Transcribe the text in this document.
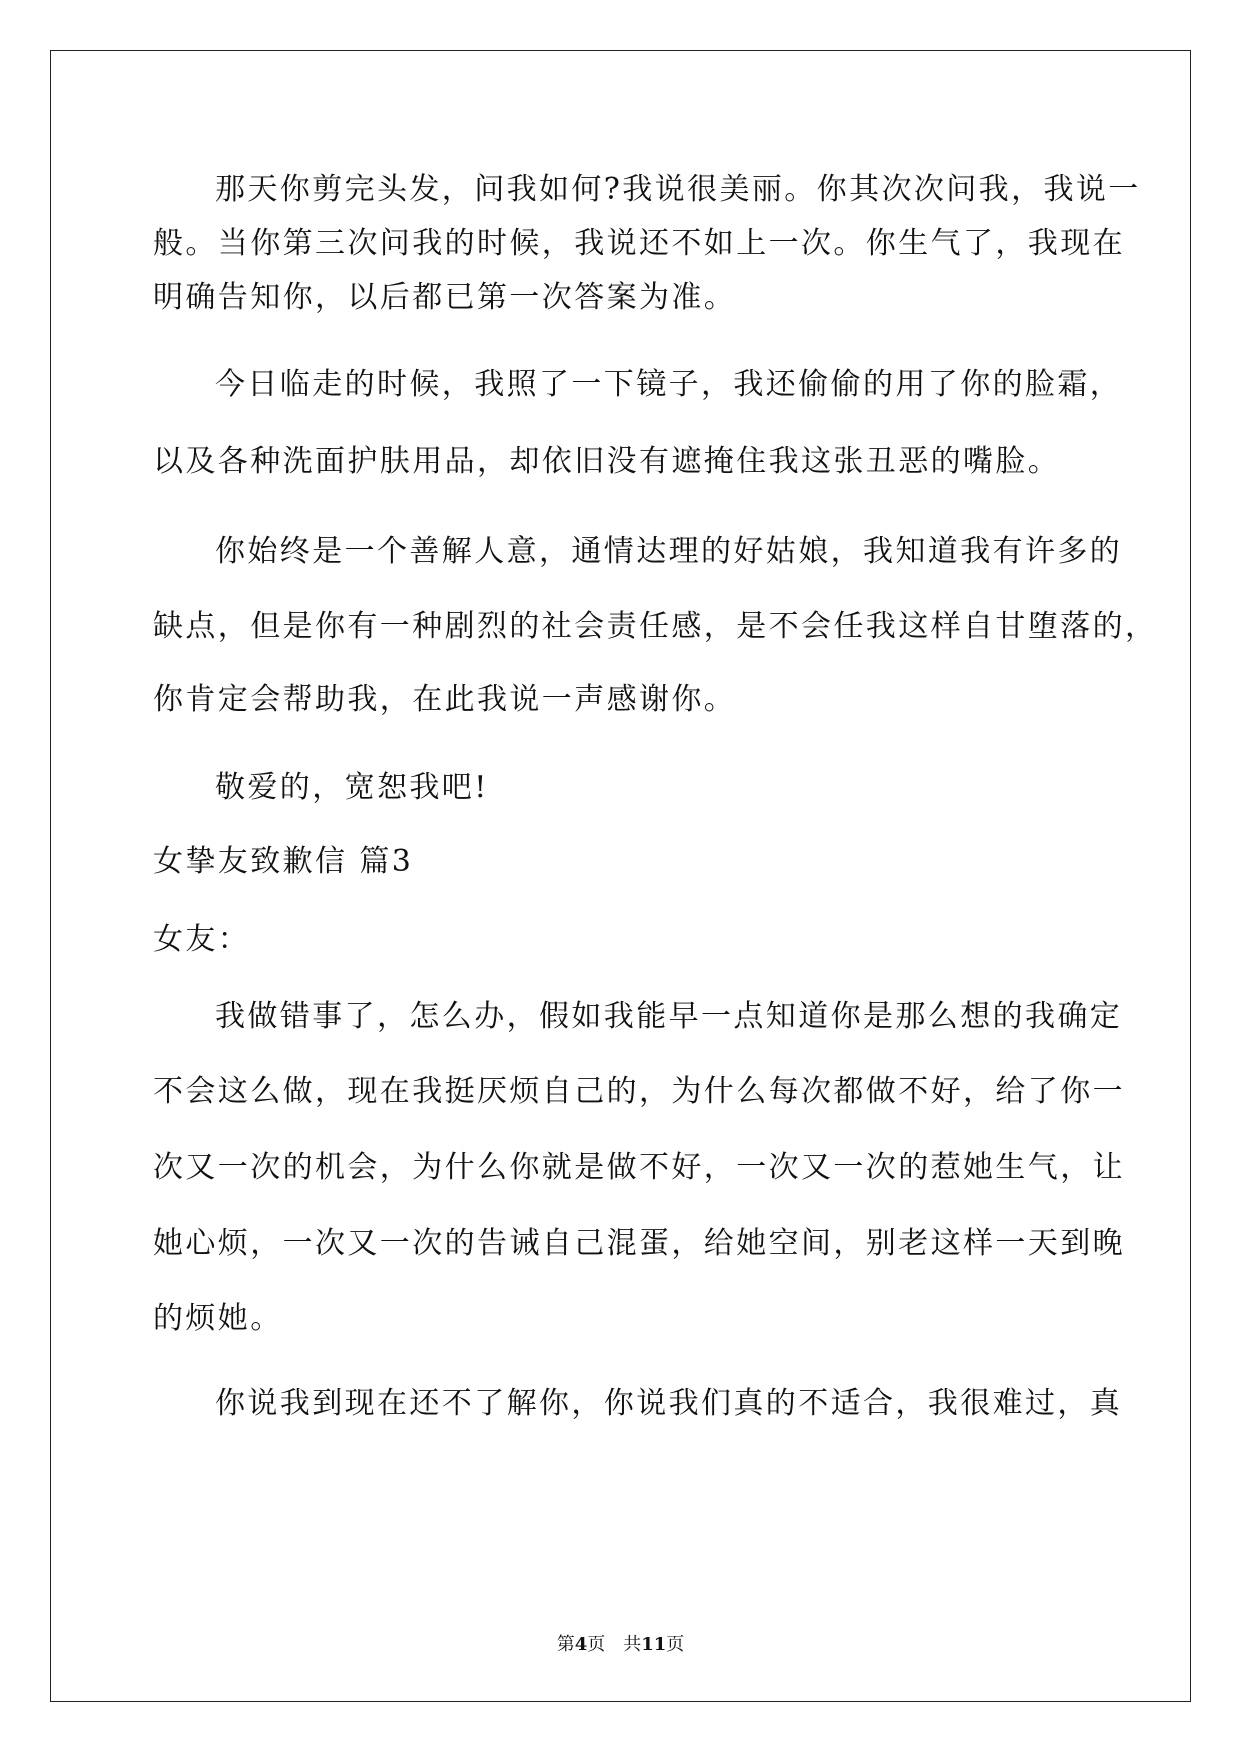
那天你剪完头发，问我如何?我说很美丽。你其次次问我，我说一
般。当你第三次问我的时候，我说还不如上一次。你生气了，我现在
明确告知你，以后都已第一次答案为准。
今日临走的时候，我照了一下镜子，我还偷偷的用了你的脸霜，
以及各种洗面护肤用品，却依旧没有遮掩住我这张丑恶的嘴脸。
你始终是一个善解人意，通情达理的好姑娘，我知道我有许多的
缺点，但是你有一种剧烈的社会责任感，是不会任我这样自甘堕落的，
你肯定会帮助我，在此我说一声感谢你。
敬爱的，宽恕我吧!
女挚友致歉信 篇3
女友：
我做错事了，怎么办，假如我能早一点知道你是那么想的我确定
不会这么做，现在我挺厌烦自己的，为什么每次都做不好，给了你一
次又一次的机会，为什么你就是做不好，一次又一次的惹她生气，让
她心烦，一次又一次的告诫自己混蛋，给她空间，别老这样一天到晚
的烦她。
你说我到现在还不了解你，你说我们真的不适合，我很难过，真
第4页　共11页
